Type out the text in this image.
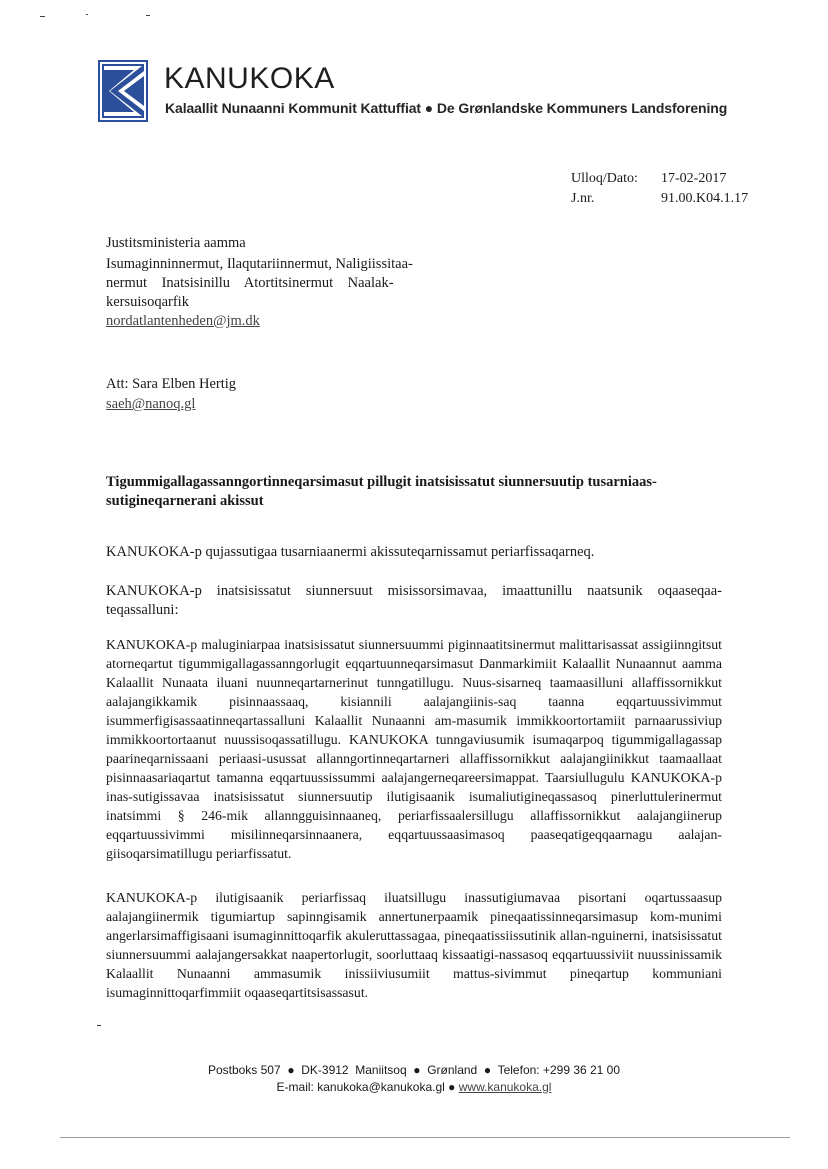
KANUKOKA
Kalaallit Nunaanni Kommunit Kattuffiat ● De Grønlandske Kommuners Landsforening
Ulloq/Dato: 17-02-2017
J.nr.	91.00.K04.1.17
Justitsministeria aamma
Isumaginninnermut, Ilaqutariinnermut, Naligiissitaa-
nermut    Inatsisinillu    Atortitsinermut    Naalak-
kersuisoqarfik
nordatlantenheden@jm.dk
Att: Sara Elben Hertig
saeh@nanoq.gl
Tigummigallagassanngortinneqarsimasut pillugit inatsisissatut siunnersuutip tusarniaas-sutigineqarnerani akissut
KANUKOKA-p qujassutigaa tusarniaanermi akissuteqarnissamut periarfissaqarneq.
KANUKOKA-p inatsisissatut siunnersuut misissorsimavaa, imaattunillu naatsunik oqaaseqaa-teqassalluni:
KANUKOKA-p maluginiarpaa inatsisissatut siunnersuummi piginnaatitsinermut malittarisassat assigiinngitsut atorneqartut tigummigallagassanngorlugit eqqartuunneqarsimasut Danmarkimiit Kalaallit Nunaannut aamma Kalaallit Nunaata iluani nuunneqartarnerinut tunngatillugu. Nuus-sisarneq taamaasilluni allaffissornikkut aalajangikkamik pisinnaassaaq, kisiannili aalajangiinis-saq taanna eqqartuussivimmut isummerfigisassaatinneqartassalluni Kalaallit Nunaanni am-masumik immikkoortortamiit parnaarussiviup immikkoortortaanut nuussisoqassatillugu. KANUKOKA tunngaviusumik isumaqarpoq tigummigallagassap paarineqarnissaani periaasi-usussat allanngortinneqartarneri allaffissornikkut aalajangiinikkut taamaallaat pisinnaasariaqartut tamanna eqqartuussissummi aalajangerneqareersimappat. Taarsiullugulu KANUKOKA-p inas-sutigissavaa inatsisissatut siunnersuutip ilutigisaanik isumaliutigineqassasoq pinerluttulerinermut inatsimmi § 246-mik allanngguisinnaaneq, periarfissaalersillugu allaffissornikkut aalajangiinerup eqqartuussivimmi misilinneqarsinnaanera, eqqartuussaasimasoq paaseqatigeqqaarnagu aalajan-giisoqarsimatillugu periarfissatut.
KANUKOKA-p ilutigisaanik periarfissaq iluatsillugu inassutigiumavaa pisortani oqartussaasup aalajangiinermik tigumiartup sapinngisamik annertunerpaamik pineqaatissinneqarsimasup kom-munimi angerlarsimaffigisaani isumaginnittoqarfik akuleruttassagaa, pineqaatissiissutinik allan-nguinerni, inatsisissatut siunnersuummi aalajangersakkat naapertorlugit, soorluttaaq kissaatigi-nassasoq eqqartuussiviit nuussinissamik Kalaallit Nunaanni ammasumik inissiiviusumiit mattus-sivimmut pineqartup kommuniani isumaginnittoqarfimmiit oqaaseqartitsisassasut.
Postboks 507  ●  DK-3912  Maniitsoq  ●  Grønland  ●  Telefon: +299 36 21 00
E-mail: kanukoka@kanukoka.gl ● www.kanukoka.gl
